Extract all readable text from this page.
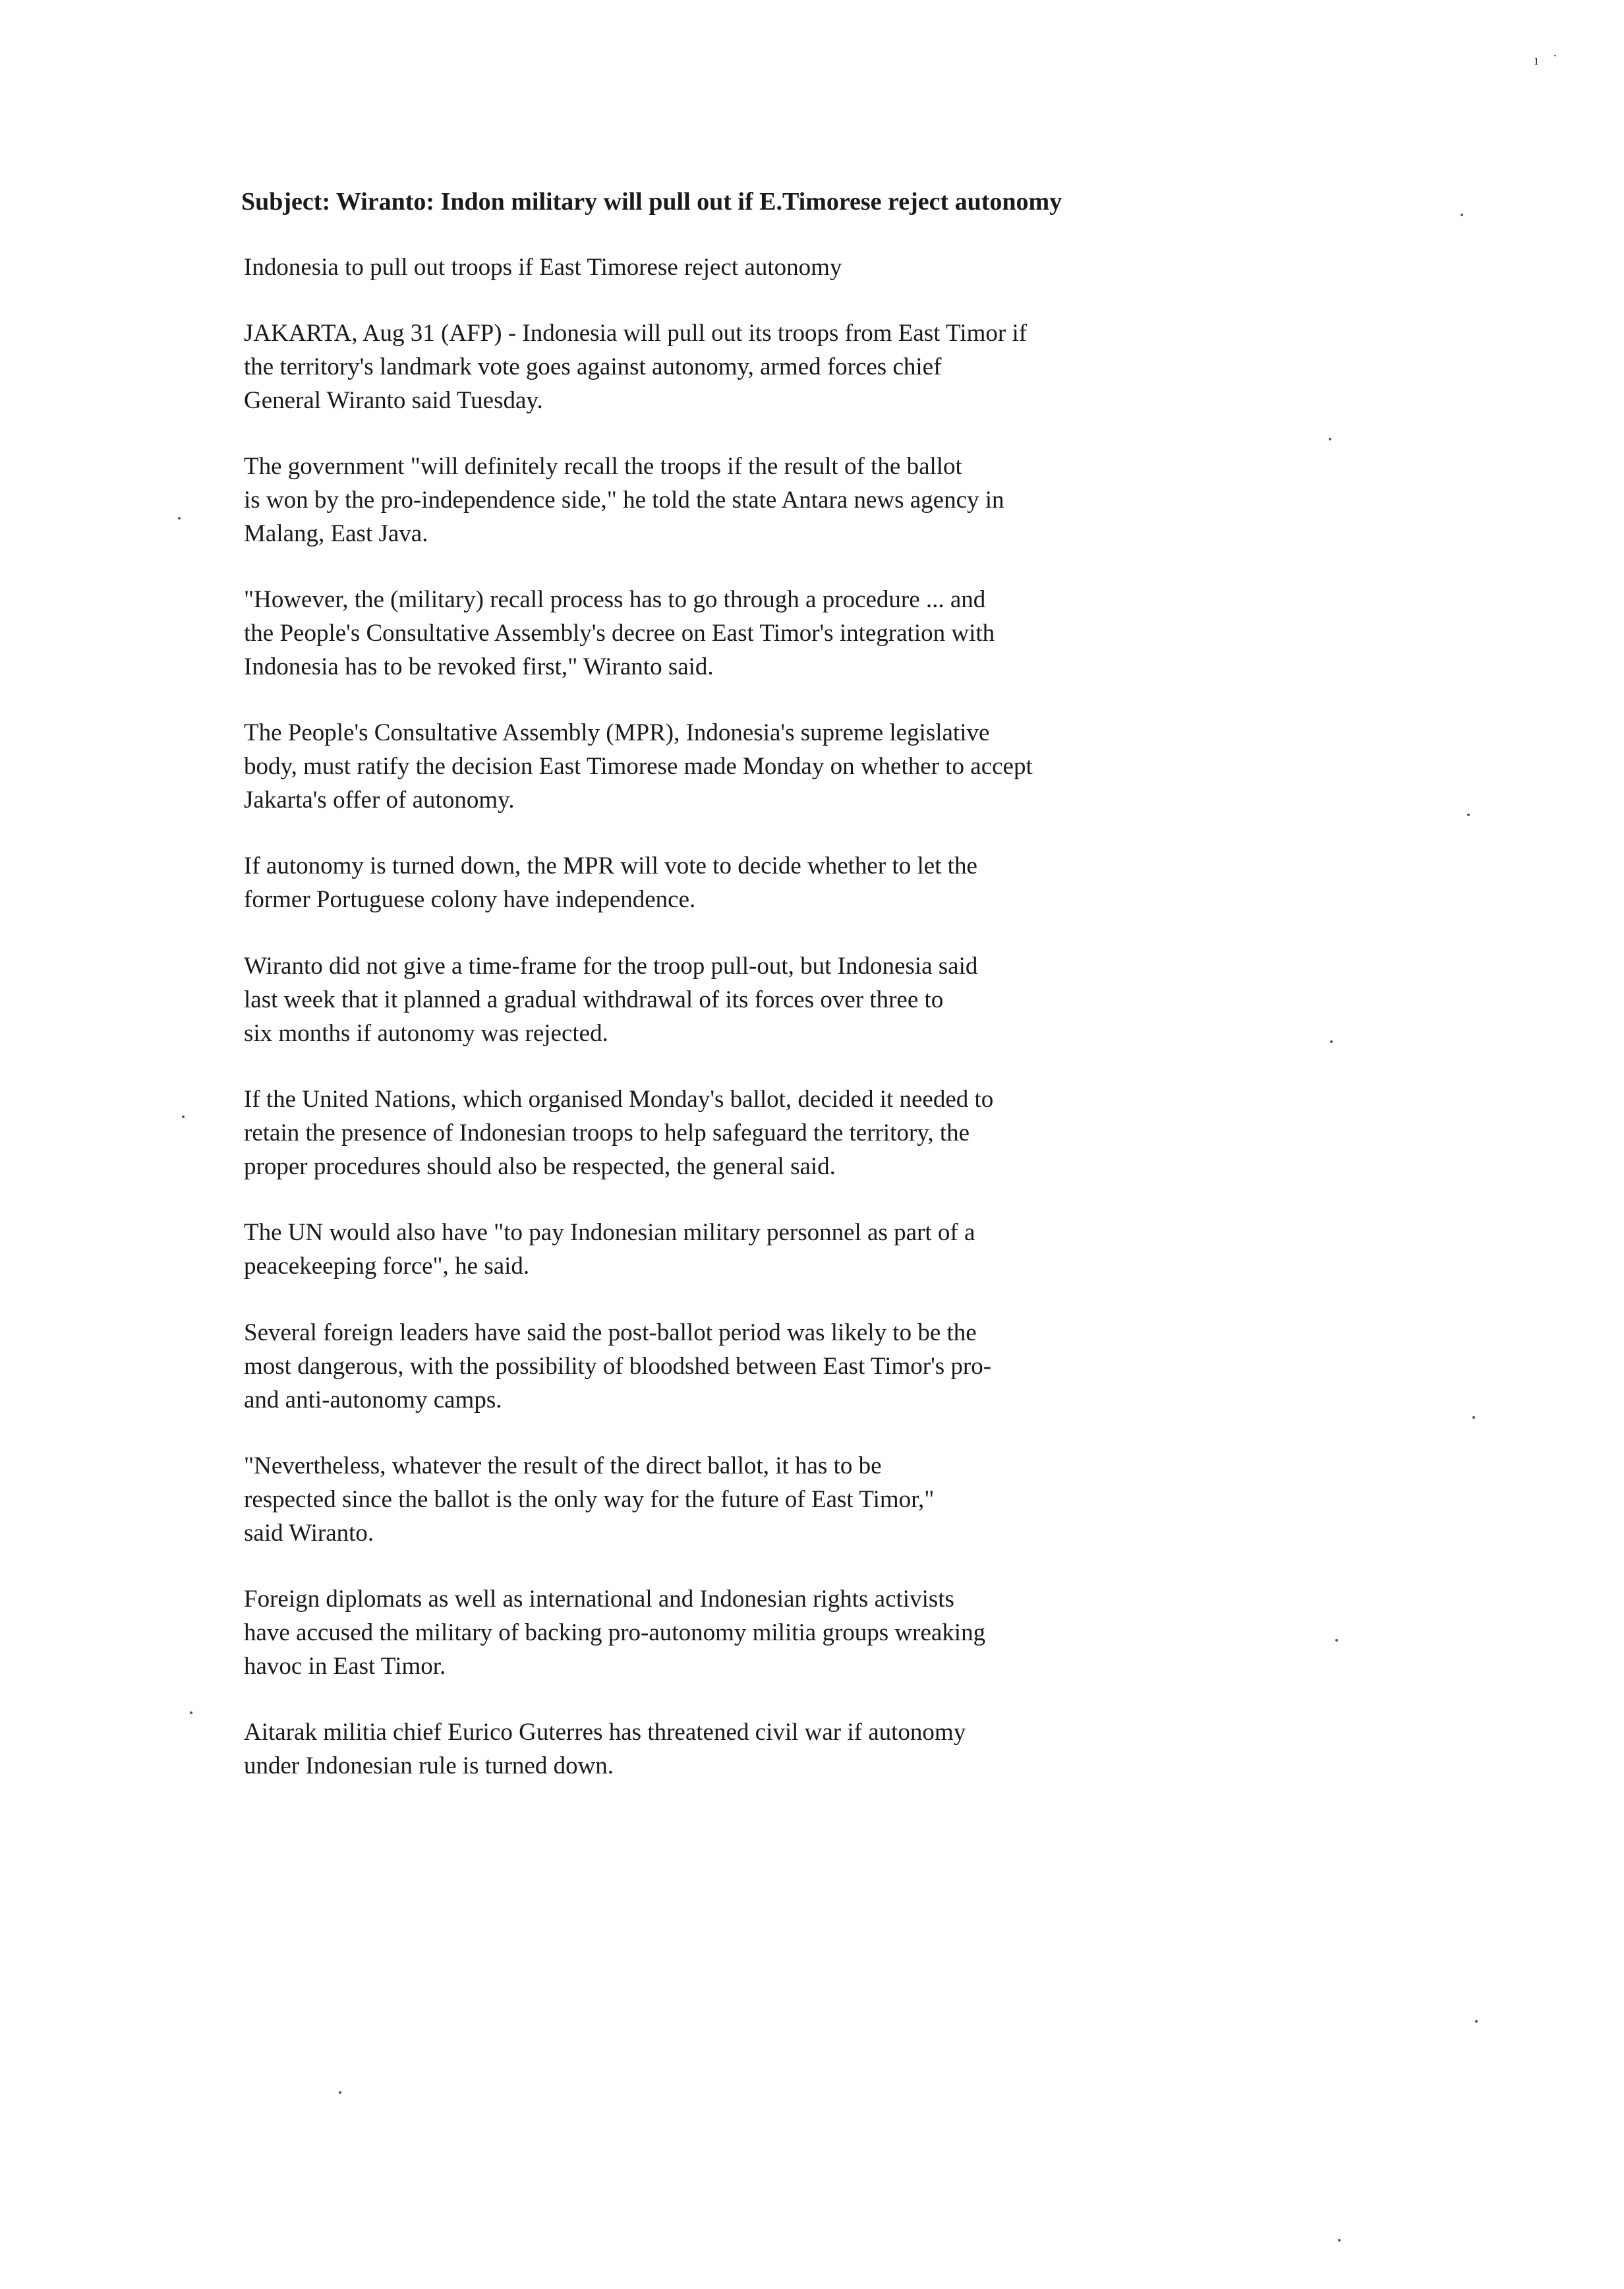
ı ˙
Subject: Wiranto: Indon military will pull out if E.Timorese reject autonomy

Indonesia to pull out troops if East Timorese reject autonomy

JAKARTA, Aug 31 (AFP) - Indonesia will pull out its troops from East Timor if
the territory's landmark vote goes against autonomy, armed forces chief
General Wiranto said Tuesday.

The government "will definitely recall the troops if the result of the ballot
is won by the pro-independence side," he told the state Antara news agency in
Malang, East Java.

"However, the (military) recall process has to go through a procedure ... and
the People's Consultative Assembly's decree on East Timor's integration with
Indonesia has to be revoked first," Wiranto said.

The People's Consultative Assembly (MPR), Indonesia's supreme legislative
body, must ratify the decision East Timorese made Monday on whether to accept
Jakarta's offer of autonomy.

If autonomy is turned down, the MPR will vote to decide whether to let the
former Portuguese colony have independence.

Wiranto did not give a time-frame for the troop pull-out, but Indonesia said
last week that it planned a gradual withdrawal of its forces over three to
six months if autonomy was rejected.

If the United Nations, which organised Monday's ballot, decided it needed to
retain the presence of Indonesian troops to help safeguard the territory, the
proper procedures should also be respected, the general said.

The UN would also have "to pay Indonesian military personnel as part of a
peacekeeping force", he said.

Several foreign leaders have said the post-ballot period was likely to be the
most dangerous, with the possibility of bloodshed between East Timor's pro-
and anti-autonomy camps.

"Nevertheless, whatever the result of the direct ballot, it has to be
respected since the ballot is the only way for the future of East Timor,"
said Wiranto.

Foreign diplomats as well as international and Indonesian rights activists
have accused the military of backing pro-autonomy militia groups wreaking
havoc in East Timor.

Aitarak militia chief Eurico Guterres has threatened civil war if autonomy
under Indonesian rule is turned down.
